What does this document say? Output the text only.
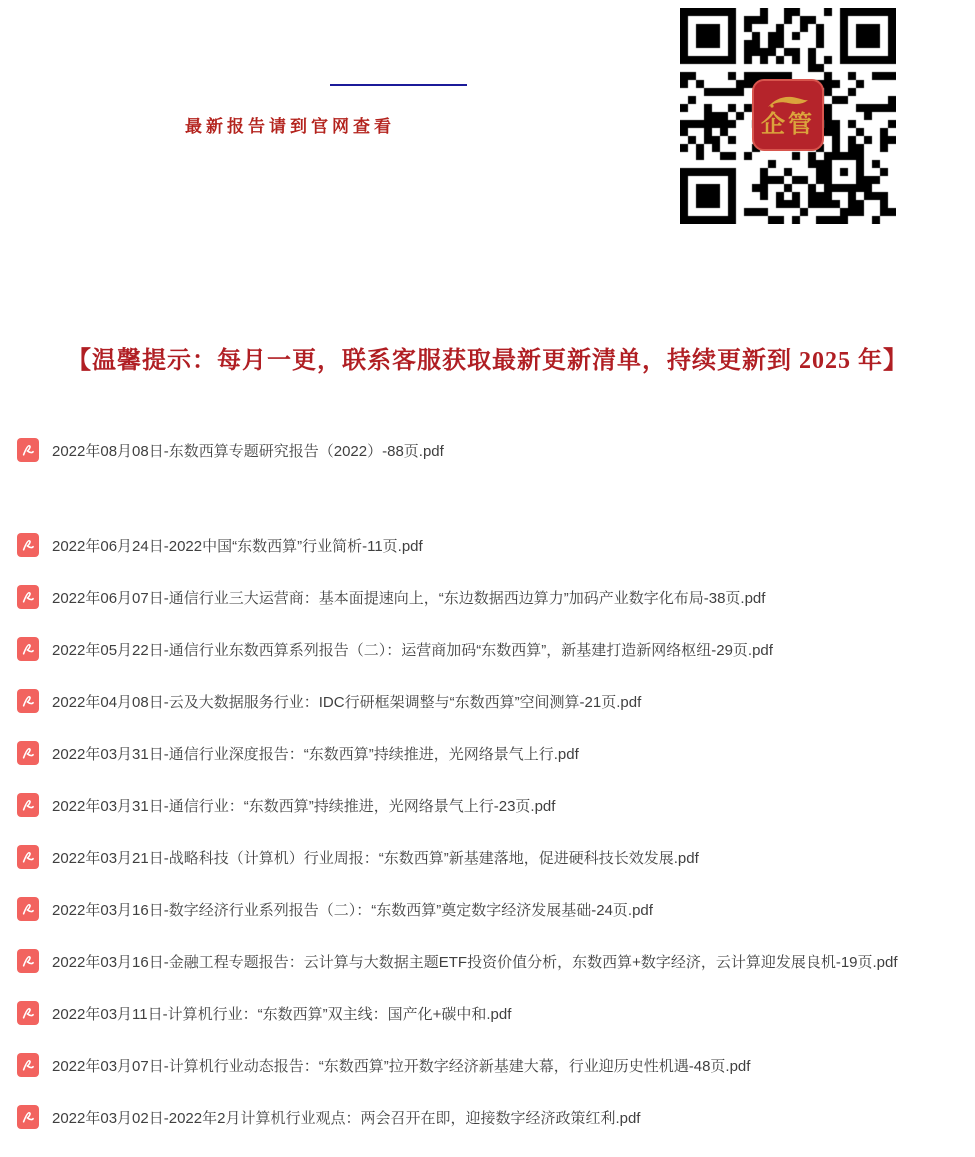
最新报告请到官网查看	企管
【温馨提示：每月一更，联系客服获取最新更新清单，持续更新到 2025 年】
2022年08月08日-东数西算专题研究报告（2022）-88页.pdf
2022年06月24日-2022中国“东数西算”行业简析-11页.pdf
2022年06月07日-通信行业三大运营商：基本面提速向上，“东边数据西边算力”加码产业数字化布局-38页.pdf
2022年05月22日-通信行业东数西算系列报告（二）：运营商加码“东数西算”，新基建打造新网络枢纽-29页.pdf
2022年04月08日-云及大数据服务行业：IDC行研框架调整与“东数西算”空间测算-21页.pdf
2022年03月31日-通信行业深度报告：“东数西算”持续推进，光网络景气上行.pdf
2022年03月31日-通信行业：“东数西算”持续推进，光网络景气上行-23页.pdf
2022年03月21日-战略科技（计算机）行业周报：“东数西算”新基建落地，促进硬科技长效发展.pdf
2022年03月16日-数字经济行业系列报告（二）：“东数西算”奠定数字经济发展基础-24页.pdf
2022年03月16日-金融工程专题报告：云计算与大数据主题ETF投资价值分析，东数西算+数字经济，云计算迎发展良机-19页.pdf
2022年03月11日-计算机行业：“东数西算”双主线：国产化+碳中和.pdf
2022年03月07日-计算机行业动态报告：“东数西算”拉开数字经济新基建大幕，行业迎历史性机遇-48页.pdf
2022年03月02日-2022年2月计算机行业观点：两会召开在即，迎接数字经济政策红利.pdf
